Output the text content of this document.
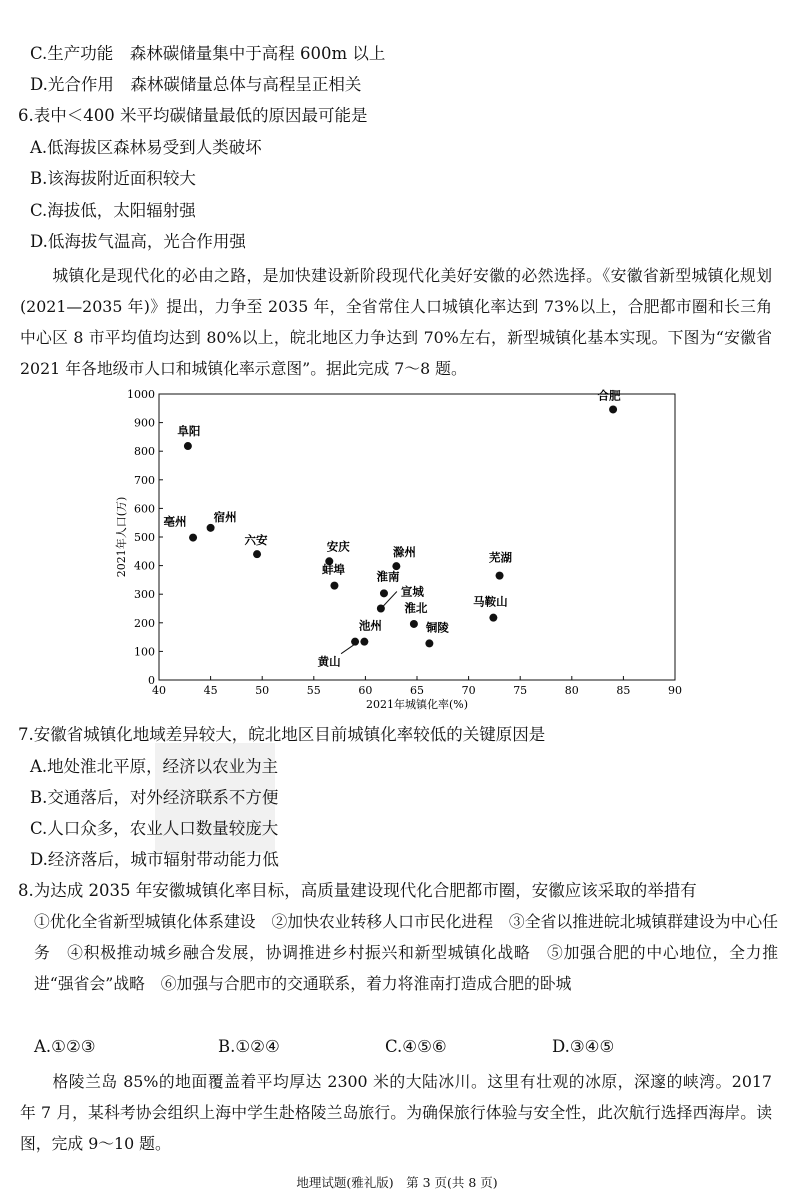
C.生产功能　森林碳储量集中于高程 600m 以上
D.光合作用　森林碳储量总体与高程呈正相关
6.表中＜400 米平均碳储量最低的原因最可能是
A.低海拔区森林易受到人类破坏
B.该海拔附近面积较大
C.海拔低，太阳辐射强
D.低海拔气温高，光合作用强
城镇化是现代化的必由之路，是加快建设新阶段现代化美好安徽的必然选择。《安徽省新型城镇化规划(2021—2035 年)》提出，力争至 2035 年，全省常住人口城镇化率达到 73%以上，合肥都市圈和长三角中心区 8 市平均值均达到 80%以上，皖北地区力争达到 70%左右，新型城镇化基本实现。下图为“安徽省 2021 年各地级市人口和城镇化率示意图”。据此完成 7～8 题。
40	45	50	55	60	65	70	75	80	85	90
0
100
200
300
400
500
600
700
800
900
1000
2021年城镇化率(%)
2021年人口(万)
合肥
阜阳
宿州
亳州
六安	安庆
蚌埠
滁州
淮南
宣城
淮北
铜陵
芜湖
马鞍山
池州
黄山
7.安徽省城镇化地域差异较大，皖北地区目前城镇化率较低的关键原因是
A.地处淮北平原，经济以农业为主
B.交通落后，对外经济联系不方便
C.人口众多，农业人口数量较庞大
D.经济落后，城市辐射带动能力低
8.为达成 2035 年安徽城镇化率目标，高质量建设现代化合肥都市圈，安徽应该采取的举措有
①优化全省新型城镇化体系建设　②加快农业转移人口市民化进程　③全省以推进皖北城镇群建设为中心任务　④积极推动城乡融合发展，协调推进乡村振兴和新型城镇化战略　⑤加强合肥的中心地位，全力推进“强省会”战略　⑥加强与合肥市的交通联系，着力将淮南打造成合肥的卧城
A.①②③	B.①②④	C.④⑤⑥	D.③④⑤
格陵兰岛 85%的地面覆盖着平均厚达 2300 米的大陆冰川。这里有壮观的冰原，深邃的峡湾。2017 年 7 月，某科考协会组织上海中学生赴格陵兰岛旅行。为确保旅行体验与安全性，此次航行选择西海岸。读图，完成 9～10 题。
地理试题(雅礼版)　第 3 页(共 8 页)
